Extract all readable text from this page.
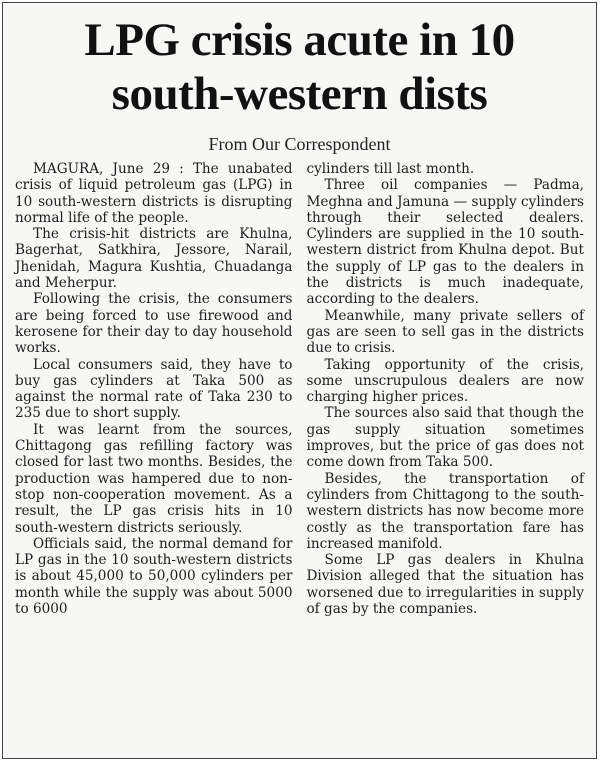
LPG crisis acute in 10
south-western dists
From Our Correspondent

MAGURA, June 29 : The unabated crisis of liquid petroleum gas (LPG) in 10 south-western districts is disrupting normal life of the people.

The crisis-hit districts are Khulna, Bagerhat, Satkhira, Jessore, Narail, Jhenidah, Magura Kushtia, Chuadanga and Meherpur.

Following the crisis, the consumers are being forced to use firewood and kerosene for their day to day household works.

Local consumers said, they have to buy gas cylinders at Taka 500 as against the normal rate of Taka 230 to 235 due to short supply.

It was learnt from the sources, Chittagong gas refilling factory was closed for last two months. Besides, the production was hampered due to non-stop non-cooperation movement. As a result, the LP gas crisis hits in 10 south-western districts seriously.

Officials said, the normal demand for LP gas in the 10 south-western districts is about 45,000 to 50,000 cylinders per month while the supply was about 5000 to 6000

cylinders till last month.

Three oil companies — Padma, Meghna and Jamuna — supply cylinders through their selected dealers. Cylinders are supplied in the 10 south-western district from Khulna depot. But the supply of LP gas to the dealers in the districts is much inadequate, according to the dealers.

Meanwhile, many private sellers of gas are seen to sell gas in the districts due to crisis.

Taking opportunity of the crisis, some unscrupulous dealers are now charging higher prices.

The sources also said that though the gas supply situation sometimes improves, but the price of gas does not come down from Taka 500.

Besides, the transportation of cylinders from Chittagong to the south-western districts has now become more costly as the transportation fare has increased manifold.

Some LP gas dealers in Khulna Division alleged that the situation has worsened due to irregularities in supply of gas by the companies.
